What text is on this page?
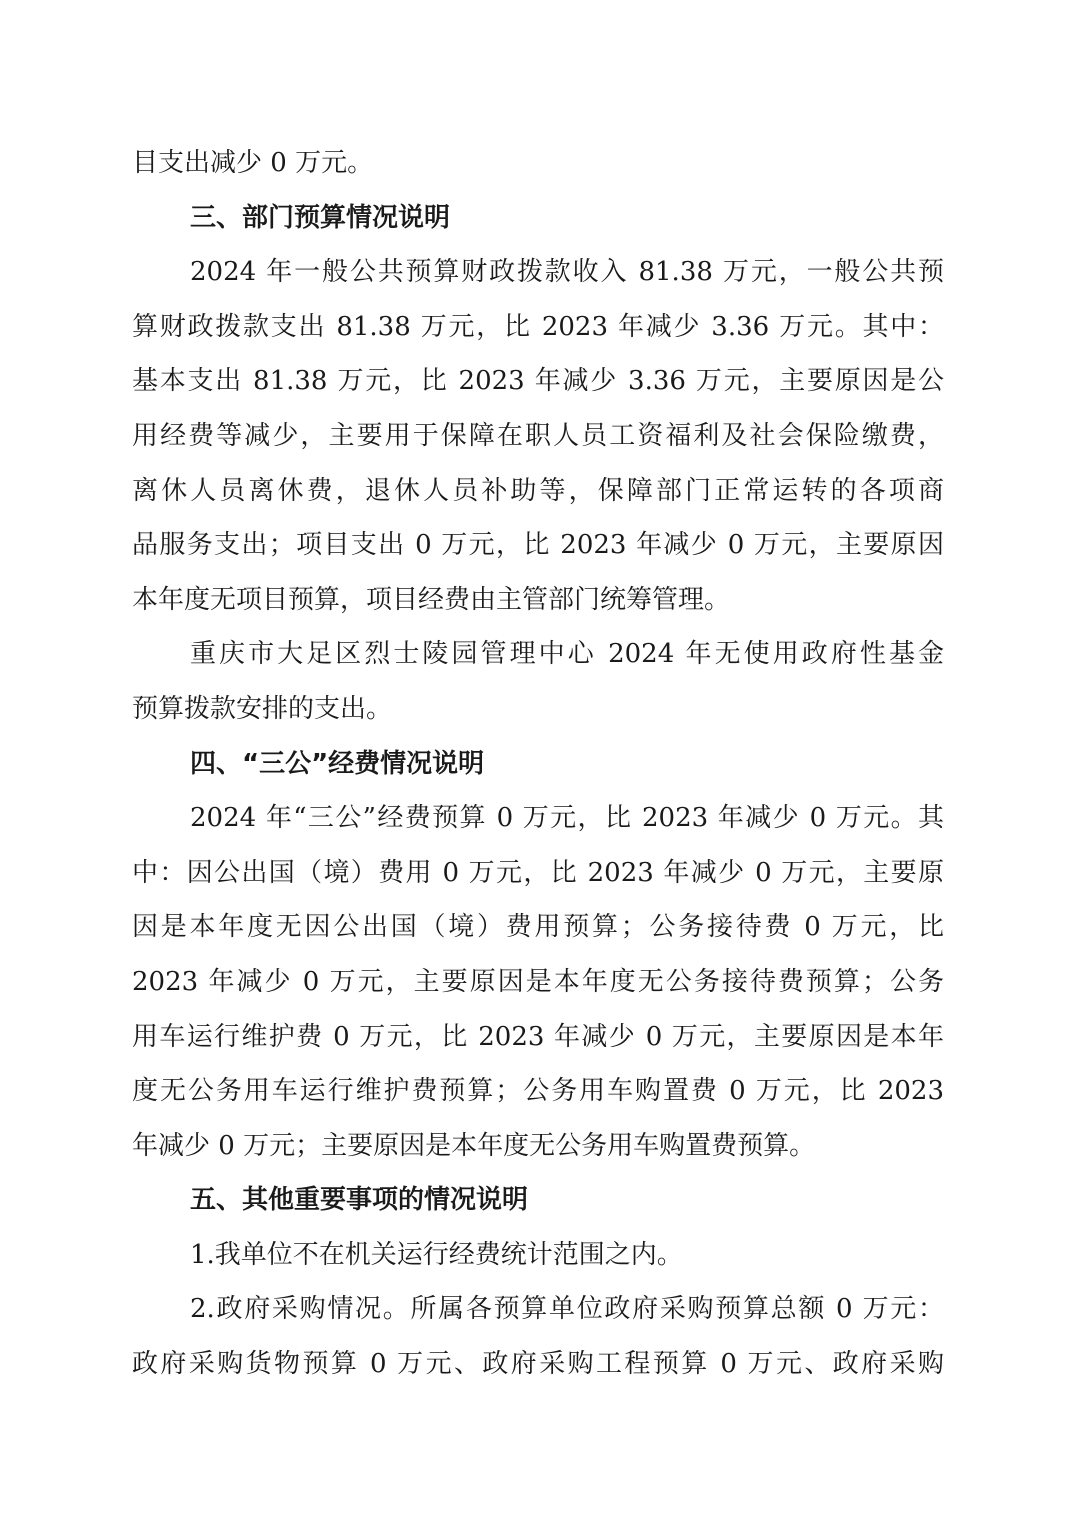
目支出减少 0 万元。
三、部门预算情况说明
2024 年一般公共预算财政拨款收入 81.38 万元，一般公共预
算财政拨款支出 81.38 万元，比 2023 年减少 3.36 万元。其中：
基本支出 81.38 万元，比 2023 年减少 3.36 万元，主要原因是公
用经费等减少，主要用于保障在职人员工资福利及社会保险缴费，
离休人员离休费，退休人员补助等，保障部门正常运转的各项商
品服务支出；项目支出 0 万元，比 2023 年减少 0 万元，主要原因
本年度无项目预算，项目经费由主管部门统筹管理。
重庆市大足区烈士陵园管理中心 2024 年无使用政府性基金
预算拨款安排的支出。
四、“三公”经费情况说明
2024 年“三公”经费预算 0 万元，比 2023 年减少 0 万元。其
中：因公出国（境）费用 0 万元，比 2023 年减少 0 万元，主要原
因是本年度无因公出国（境）费用预算；公务接待费 0 万元，比
2023 年减少 0 万元，主要原因是本年度无公务接待费预算；公务
用车运行维护费 0 万元，比 2023 年减少 0 万元，主要原因是本年
度无公务用车运行维护费预算；公务用车购置费 0 万元，比 2023
年减少 0 万元；主要原因是本年度无公务用车购置费预算。
五、其他重要事项的情况说明
1.我单位不在机关运行经费统计范围之内。
2.政府采购情况。所属各预算单位政府采购预算总额 0 万元：
政府采购货物预算 0 万元、政府采购工程预算 0 万元、政府采购
